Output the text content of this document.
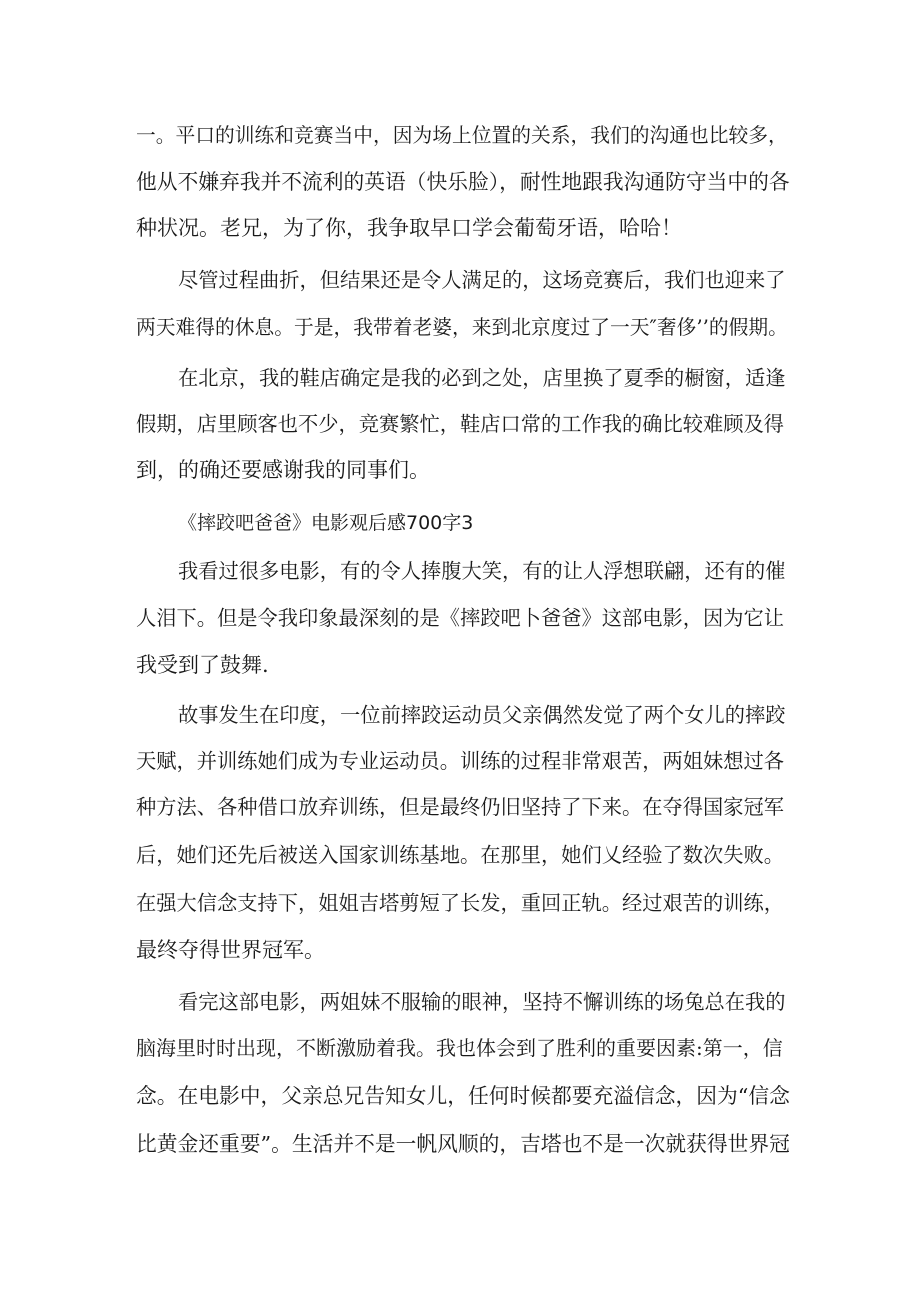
一。平口的训练和竞赛当中，因为场上位置的关系，我们的沟通也比较多，

他从不嫌弃我并不流利的英语（快乐脸），耐性地跟我沟通防守当中的各

种状况。老兄，为了你，我争取早口学会葡萄牙语，哈哈！

尽管过程曲折，但结果还是令人满足的，这场竞赛后，我们也迎来了

两天难得的休息。于是，我带着老婆，来到北京度过了一天″奢侈’’的假期。

在北京，我的鞋店确定是我的必到之处，店里换了夏季的橱窗，适逢

假期，店里顾客也不少，竞赛繁忙，鞋店口常的工作我的确比较难顾及得

到，的确还要感谢我的同事们。

《摔跤吧爸爸》电影观后感700字3

我看过很多电影，有的令人捧腹大笑，有的让人浮想联翩，还有的催

人泪下。但是令我印象最深刻的是《摔跤吧卜爸爸》这部电影，因为它让

我受到了鼓舞.

故事发生在印度，一位前摔跤运动员父亲偶然发觉了两个女儿的摔跤

天赋，并训练她们成为专业运动员。训练的过程非常艰苦，两姐妹想过各

种方法、各种借口放弃训练，但是最终仍旧坚持了下来。在夺得国家冠军

后，她们还先后被送入国家训练基地。在那里，她们乂经验了数次失败。

在强大信念支持下，姐姐吉塔剪短了长发，重回正轨。经过艰苦的训练，

最终夺得世界冠军。

看完这部电影，两姐妹不服输的眼神，坚持不懈训练的场兔总在我的

脑海里时时出现，不断激励着我。我也体会到了胜利的重要因素:第一，信

念。在电影中，父亲总兄告知女儿，任何时候都要充溢信念，因为“信念

比黄金还重要”。生活并不是一帆风顺的，吉塔也不是一次就获得世界冠
